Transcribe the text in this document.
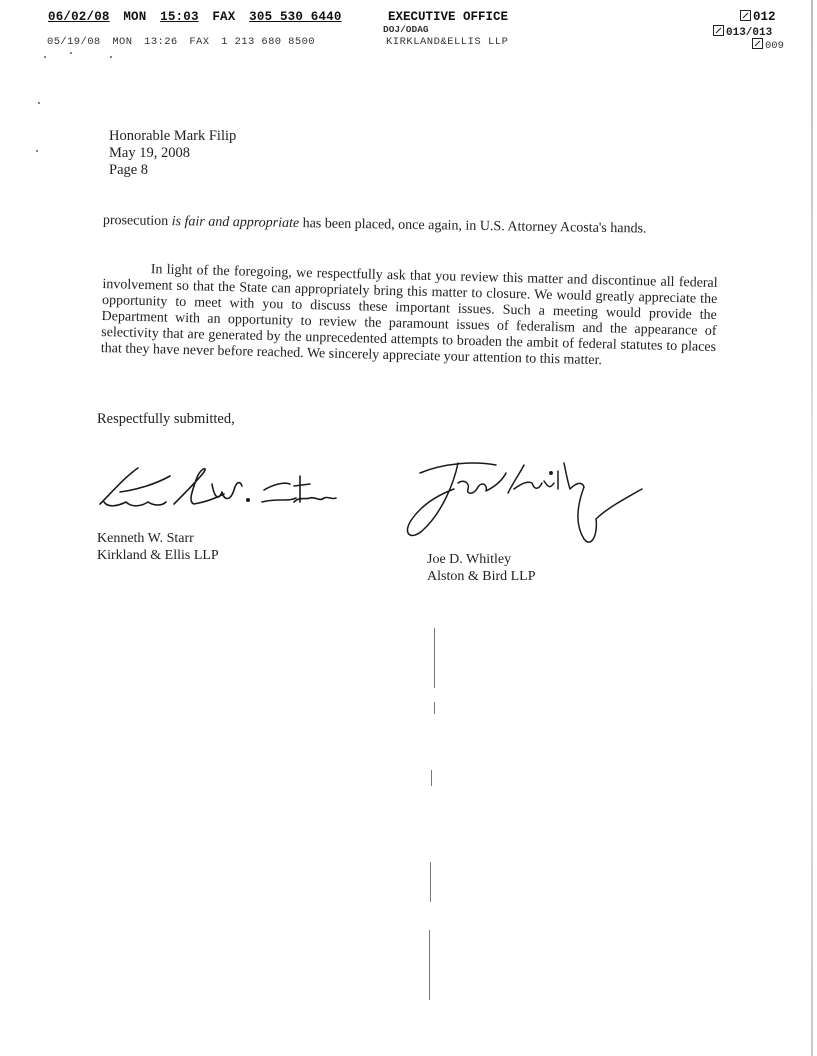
06/02/08 MON 15:03 FAX 305 530 6440	EXECUTIVE OFFICE	012
DOJ/ODAG	013/013
05/19/08 MON 13:26 FAX 1 213 680 8500	KIRKLAND&ELLIS LLP	009
Honorable Mark Filip
May 19, 2008
Page 8
prosecution is fair and appropriate has been placed, once again, in U.S. Attorney Acosta's hands.
In light of the foregoing, we respectfully ask that you review this matter and discontinue all federal involvement so that the State can appropriately bring this matter to closure. We would greatly appreciate the opportunity to meet with you to discuss these important issues. Such a meeting would provide the Department with an opportunity to review the paramount issues of federalism and the appearance of selectivity that are generated by the unprecedented attempts to broaden the ambit of federal statutes to places that they have never before reached. We sincerely appreciate your attention to this matter.
Respectfully submitted,
Kenneth W. Starr
Kirkland & Ellis LLP	Joe D. Whitley
Alston & Bird LLP
